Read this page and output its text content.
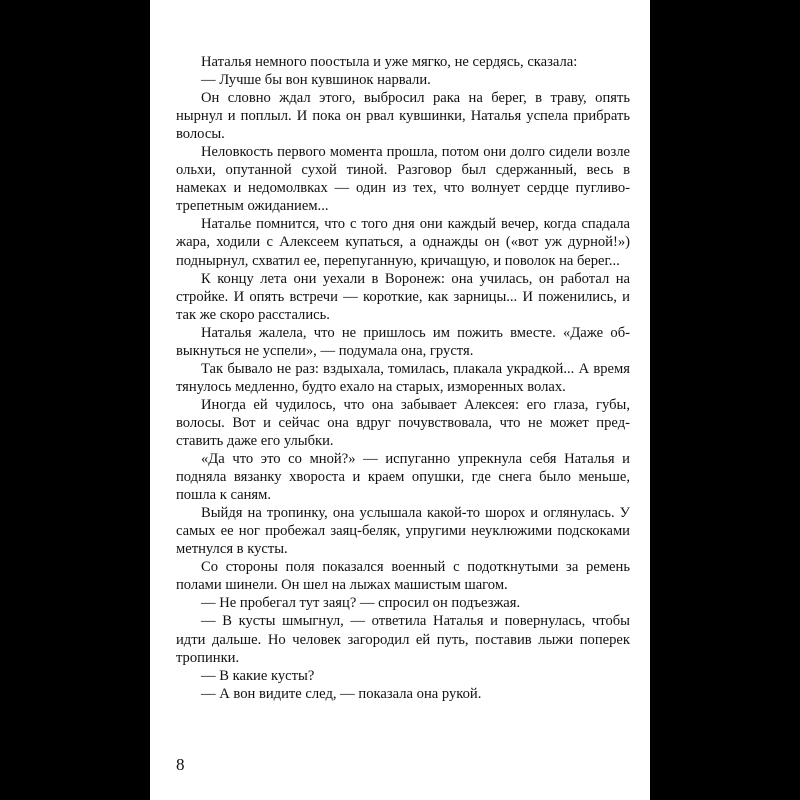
Наталья немного поостыла и уже мягко, не сердясь, сказала:

— Лучше бы вон кувшинок нарвали.

Он словно ждал этого, выбросил рака на берег, в траву, опять нырнул и поплыл. И пока он рвал кувшинки, Наталья успела прибрать волосы.

Неловкость первого момента прошла, потом они долго сидели возле ольхи, опутанной сухой тиной. Разговор был сдержанный, весь в намеках и недомолвках — один из тех, что волнует сердце пугливо-трепетным ожиданием...

Наталье помнится, что с того дня они каждый вечер, когда спадала жара, ходили с Алексеем купаться, а однажды он («вот уж дурной!») поднырнул, схватил ее, перепуганную, кричащую, и поволок на берег...

К концу лета они уехали в Воронеж: она училась, он работал на стройке. И опять встречи — короткие, как зарницы... И поженились, и так же скоро расстались.

Наталья жалела, что не пришлось им пожить вместе. «Даже обвыкнуться не успели», — подумала она, грустя.

Так бывало не раз: вздыхала, томилась, плакала украдкой... А время тянулось медленно, будто ехало на старых, изморенных волах.

Иногда ей чудилось, что она забывает Алексея: его глаза, губы, волосы. Вот и сейчас она вдруг почувствовала, что не может представить даже его улыбки.

«Да что это со мной?» — испуганно упрекнула себя Наталья и подняла вязанку хвороста и краем опушки, где снега было меньше, пошла к саням.

Выйдя на тропинку, она услышала какой-то шорох и оглянулась. У самых ее ног пробежал заяц-беляк, упругими неуклюжими подскоками метнулся в кусты.

Со стороны поля показался военный с подоткнутыми за ремень полами шинели. Он шел на лыжах машистым шагом.

— Не пробегал тут заяц? — спросил он подъезжая.

— В кусты шмыгнул, — ответила Наталья и повернулась, чтобы идти дальше. Но человек загородил ей путь, поставив лыжи поперек тропинки.

— В какие кусты?

— А вон видите след, — показала она рукой.

8
